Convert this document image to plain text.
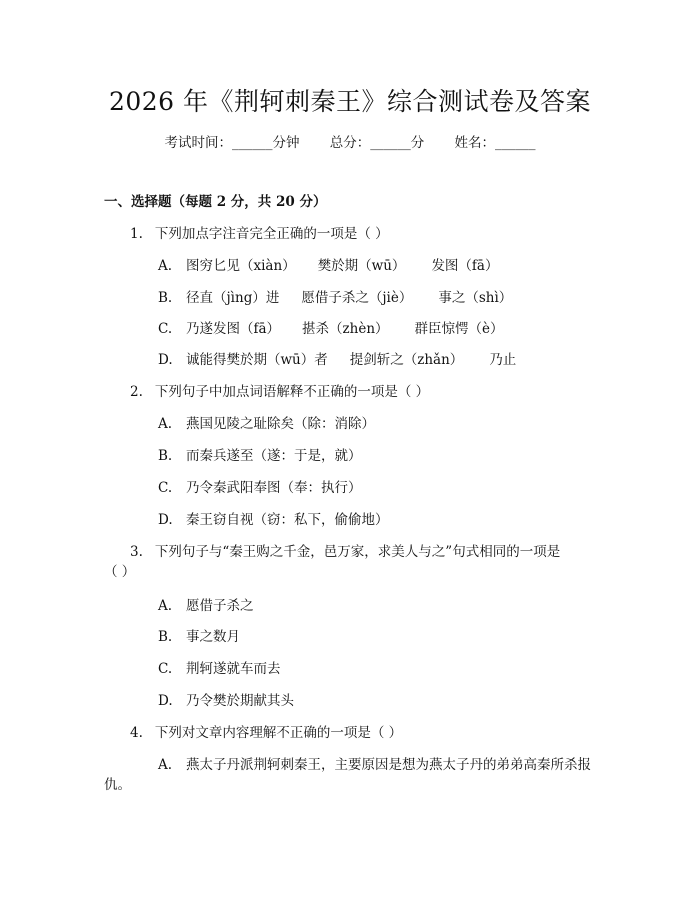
2026 年《荆轲刺秦王》综合测试卷及答案
考试时间：______分钟 总分：______分 姓名：______
一、选择题（每题 2 分，共 20 分）
1. 下列加点字注音完全正确的一项是（ ）
A. 图穷匕见（xiàn） 樊於期（wū） 发图（fā）
B. 径直（jìng）进 愿借子杀之（jiè） 事之（shì）
C. 乃遂发图（fā） 揕杀（zhèn） 群臣惊愕（è）
D. 诚能得樊於期（wū）者 提剑斩之（zhǎn） 乃止
2. 下列句子中加点词语解释不正确的一项是（ ）
A. 燕国见陵之耻除矣（除：消除）
B. 而秦兵遂至（遂：于是，就）
C. 乃令秦武阳奉图（奉：执行）
D. 秦王窃自视（窃：私下，偷偷地）
3. 下列句子与“秦王购之千金，邑万家，求美人与之”句式相同的一项是
（ ）
A. 愿借子杀之
B. 事之数月
C. 荆轲遂就车而去
D. 乃令樊於期献其头
4. 下列对文章内容理解不正确的一项是（ ）
A. 燕太子丹派荆轲刺秦王，主要原因是想为燕太子丹的弟弟高秦所杀报
仇。
